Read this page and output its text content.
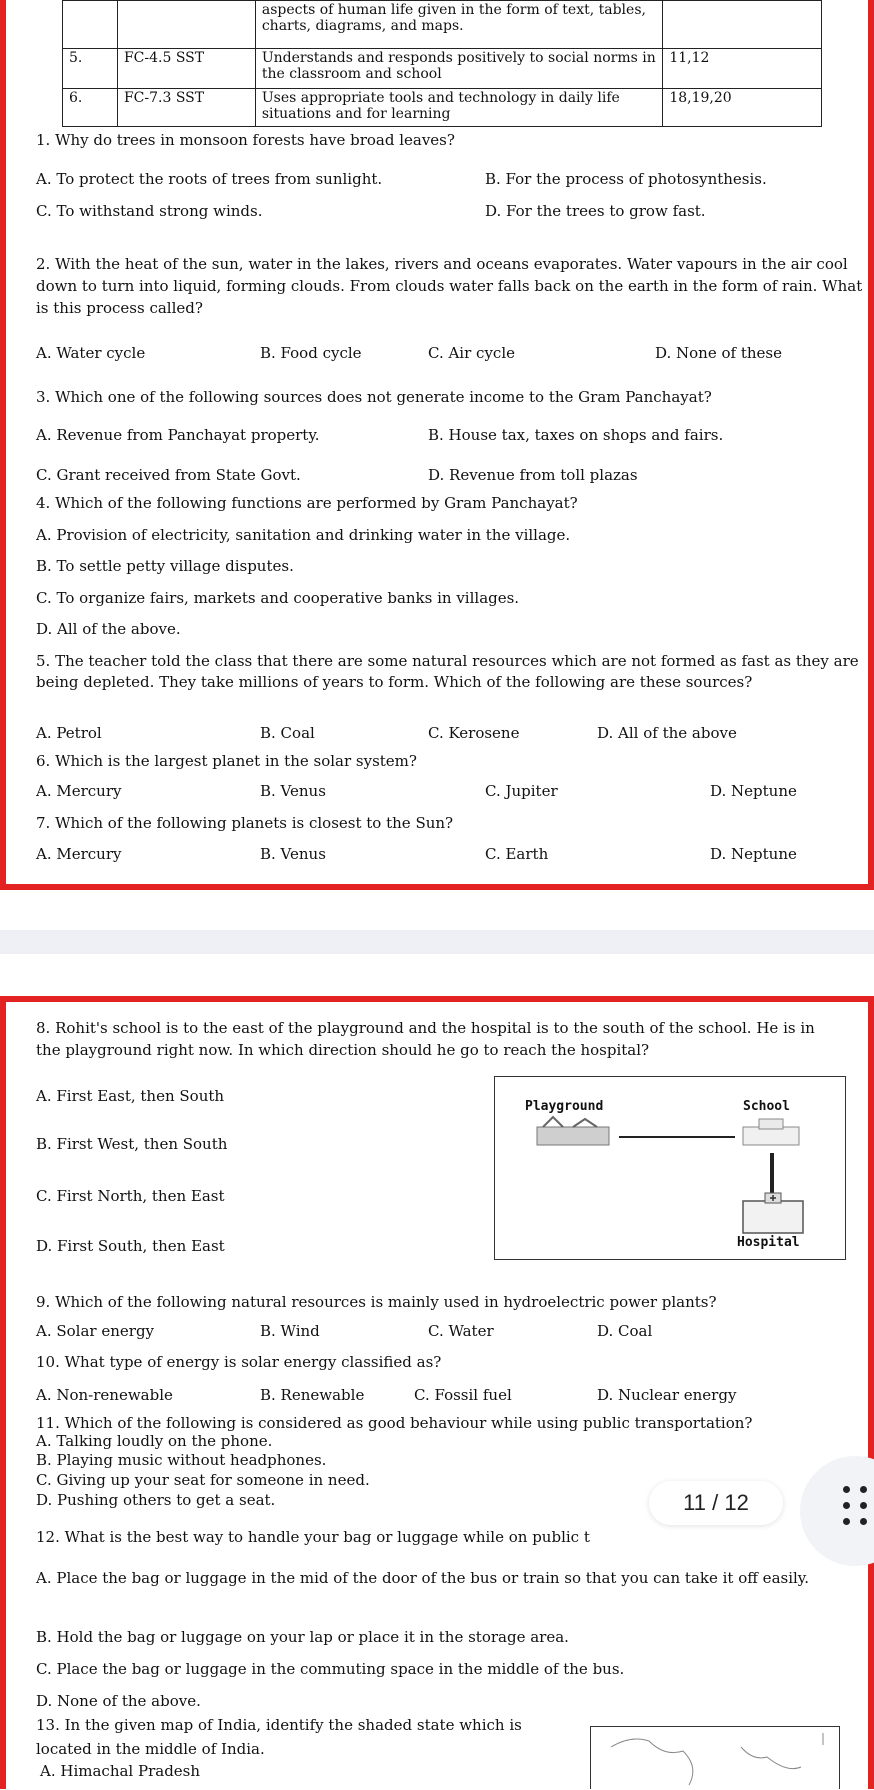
		aspects of human life given in the form of text, tables, charts, diagrams, and maps.	
5.	FC-4.5 SST	Understands and responds positively to social norms in the classroom and school	11,12
6.	FC-7.3 SST	Uses appropriate tools and technology in daily life situations and for learning	18,19,20
1. Why do trees in monsoon forests have broad leaves?
A. To protect the roots of trees from sunlight.	B. For the process of photosynthesis.
C. To withstand strong winds.	D. For the trees to grow fast.
2. With the heat of the sun, water in the lakes, rivers and oceans evaporates. Water vapours in the air cool down to turn into liquid, forming clouds. From clouds water falls back on the earth in the form of rain. What is this process called?
A. Water cycle	B. Food cycle	C. Air cycle	D. None of these
3. Which one of the following sources does not generate income to the Gram Panchayat?
A. Revenue from Panchayat property.	B. House tax, taxes on shops and fairs.
C. Grant received from State Govt.	D. Revenue from toll plazas
4. Which of the following functions are performed by Gram Panchayat?
A. Provision of electricity, sanitation and drinking water in the village.
B. To settle petty village disputes.
C. To organize fairs, markets and cooperative banks in villages.
D. All of the above.
5. The teacher told the class that there are some natural resources which are not formed as fast as they are being depleted. They take millions of years to form. Which of the following are these sources?
A. Petrol	B. Coal	C. Kerosene	D. All of the above
6. Which is the largest planet in the solar system?
A. Mercury	B. Venus	C. Jupiter	D. Neptune
7. Which of the following planets is closest to the Sun?
A. Mercury	B. Venus	C. Earth	D. Neptune
8. Rohit's school is to the east of the playground and the hospital is to the south of the school. He is in the playground right now. In which direction should he go to reach the hospital?
A. First East, then South
B. First West, then South
C. First North, then East
D. First South, then East
Playground	School
Hospital
9. Which of the following natural resources is mainly used in hydroelectric power plants?
A. Solar energy	B. Wind	C. Water	D. Coal
10. What type of energy is solar energy classified as?
A. Non-renewable	B. Renewable	C. Fossil fuel	D. Nuclear energy
11. Which of the following is considered as good behaviour while using public transportation?
A. Talking loudly on the phone.
B. Playing music without headphones.
C. Giving up your seat for someone in need.
D. Pushing others to get a seat.
12. What is the best way to handle your bag or luggage while on public t
A. Place the bag or luggage in the mid of the door of the bus or train so that you can take it off easily.
B. Hold the bag or luggage on your lap or place it in the storage area.
C. Place the bag or luggage in the commuting space in the middle of the bus.
D. None of the above.
13. In the given map of India, identify the shaded state which is located in the middle of India.
A. Himachal Pradesh
11 / 12
